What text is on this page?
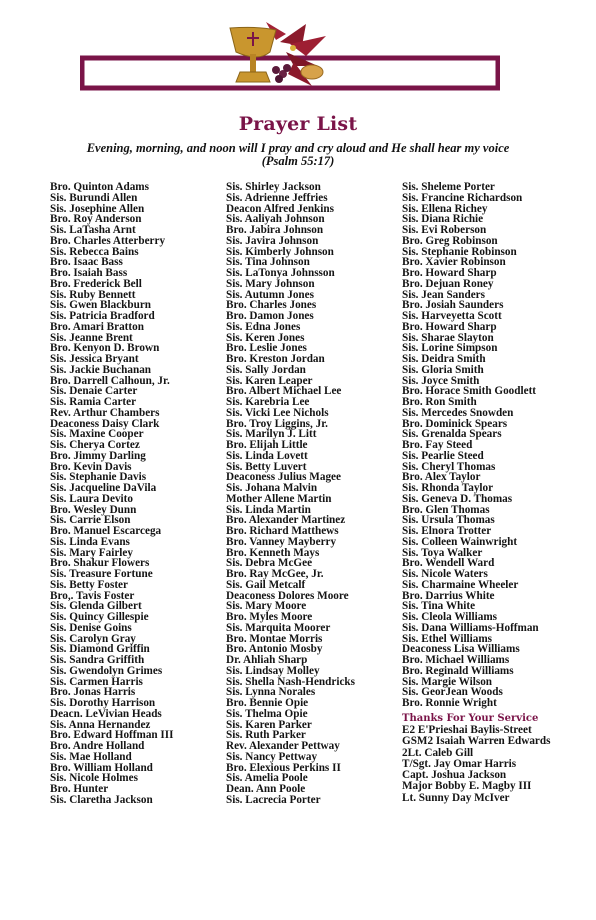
Prayer List
Evening, morning, and noon will I pray and cry aloud and He shall hear my voice
(Psalm 55:17)
Bro. Quinton Adams
Sis. Burundi Allen
Sis. Josephine Allen
Bro. Roy Anderson
Sis. LaTasha Arnt
Bro. Charles Atterberry
Sis. Rebecca Bains
Bro. Isaac Bass
Bro. Isaiah Bass
Bro. Frederick Bell
Sis. Ruby Bennett
Sis. Gwen Blackburn
Sis. Patricia Bradford
Bro. Amari Bratton
Sis. Jeanne Brent
Bro. Kenyon D. Brown
Sis. Jessica Bryant
Sis. Jackie Buchanan
Bro. Darrell Calhoun, Jr.
Sis. Denaie Carter
Sis. Ramia Carter
Rev. Arthur Chambers
Deaconess Daisy Clark
Sis. Maxine Cooper
Sis. Cherya Cortez
Bro. Jimmy Darling
Bro. Kevin Davis
Sis. Stephanie Davis
Sis. Jacqueline DaVila
Sis. Laura Devito
Bro. Wesley Dunn
Sis. Carrie Elson
Bro. Manuel Escarcega
Sis. Linda Evans
Sis. Mary Fairley
Bro. Shakur Flowers
Sis. Treasure Fortune
Sis. Betty Foster
Bro,. Tavis Foster
Sis. Glenda Gilbert
Sis. Quincy Gillespie
Sis. Denise Goins
Sis. Carolyn Gray
Sis. Diamond Griffin
Sis. Sandra Griffith
Sis. Gwendolyn Grimes
Sis. Carmen Harris
Bro. Jonas Harris
Sis. Dorothy Harrison
Deacn. LeVivian Heads
Sis. Anna Hernandez
Bro. Edward Hoffman III
Bro. Andre Holland
Sis. Mae Holland
Bro. William Holland
Sis. Nicole Holmes
Bro. Hunter
Sis. Claretha Jackson
Sis. Shirley Jackson
Sis. Adrienne Jeffries
Deacon Alfred Jenkins
Sis. Aaliyah Johnson
Bro. Jabira Johnson
Sis. Javira Johnson
Sis. Kimberly Johnson
Sis. Tina Johnson
Sis. LaTonya Johnsson
Sis. Mary Johnson
Sis. Autumn Jones
Bro. Charles Jones
Bro. Damon Jones
Sis. Edna Jones
Sis. Keren Jones
Bro. Leslie Jones
Bro. Kreston Jordan
Sis. Sally Jordan
Sis. Karen Leaper
Bro. Albert Michael Lee
Sis. Karebria Lee
Sis. Vicki Lee Nichols
Bro. Troy Liggins, Jr.
Sis. Marilyn J. Litt
Bro. Elijah Little
Sis. Linda Lovett
Sis. Betty Luvert
Deaconess Julius Magee
Sis. Johana Malvin
Mother Allene Martin
Sis. Linda Martin
Bro. Alexander Martinez
Bro. Richard Matthews
Bro. Vanney Mayberry
Bro. Kenneth Mays
Sis. Debra McGee
Bro. Ray McGee, Jr.
Sis. Gail Metcalf
Deaconess Dolores Moore
Sis. Mary Moore
Bro. Myles Moore
Sis. Marquita Moorer
Bro. Montae Morris
Bro. Antonio Mosby
Dr. Ahliah Sharp
Sis. Lindsay Molley
Sis. Shella Nash-Hendricks
Sis. Lynna Norales
Bro. Bennie Opie
Sis. Thelma Opie
Sis. Karen Parker
Sis. Ruth Parker
Rev. Alexander Pettway
Sis. Nancy Pettway
Bro. Elexious Perkins II
Sis. Amelia Poole
Dean. Ann Poole
Sis. Lacrecia Porter
Sis. Sheleme Porter
Sis. Francine Richardson
Sis. Ellena Richey
Sis. Diana Richie
Sis. Evi Roberson
Bro. Greg Robinson
Sis. Stephanie Robinson
Bro. Xavier Robinson
Bro. Howard Sharp
Bro. Dejuan Roney
Sis. Jean Sanders
Bro. Josiah Saunders
Sis. Harveyetta Scott
Bro. Howard Sharp
Sis. Sharae Slayton
Sis. Lorine Simpson
Sis. Deidra Smith
Sis. Gloria Smith
Sis. Joyce Smith
Bro. Horace Smith Goodlett
Bro. Ron Smith
Sis. Mercedes Snowden
Bro. Dominick Spears
Sis. Grenalda Spears
Bro. Fay Steed
Sis. Pearlie Steed
Sis. Cheryl Thomas
Bro. Alex Taylor
Sis. Rhonda Taylor
Sis. Geneva D. Thomas
Bro. Glen Thomas
Sis. Ursula Thomas
Sis. Elnora Trotter
Sis. Colleen Wainwright
Sis. Toya Walker
Bro. Wendell Ward
Sis. Nicole Waters
Sis. Charmaine Wheeler
Bro. Darrius White
Sis. Tina White
Sis. Cleola Williams
Sis. Dana Williams-Hoffman
Sis. Ethel Williams
Deaconess Lisa Williams
Bro. Michael Williams
Bro. Reginald Williams
Sis. Margie Wilson
Sis. GeorJean Woods
Bro. Ronnie Wright
Thanks For Your Service
E2 E'Prieshai Baylis-Street
GSM2 Isaiah Warren Edwards
2Lt. Caleb Gill
T/Sgt. Jay Omar Harris
Capt. Joshua Jackson
Major Bobby E. Magby III
Lt. Sunny Day McIver
